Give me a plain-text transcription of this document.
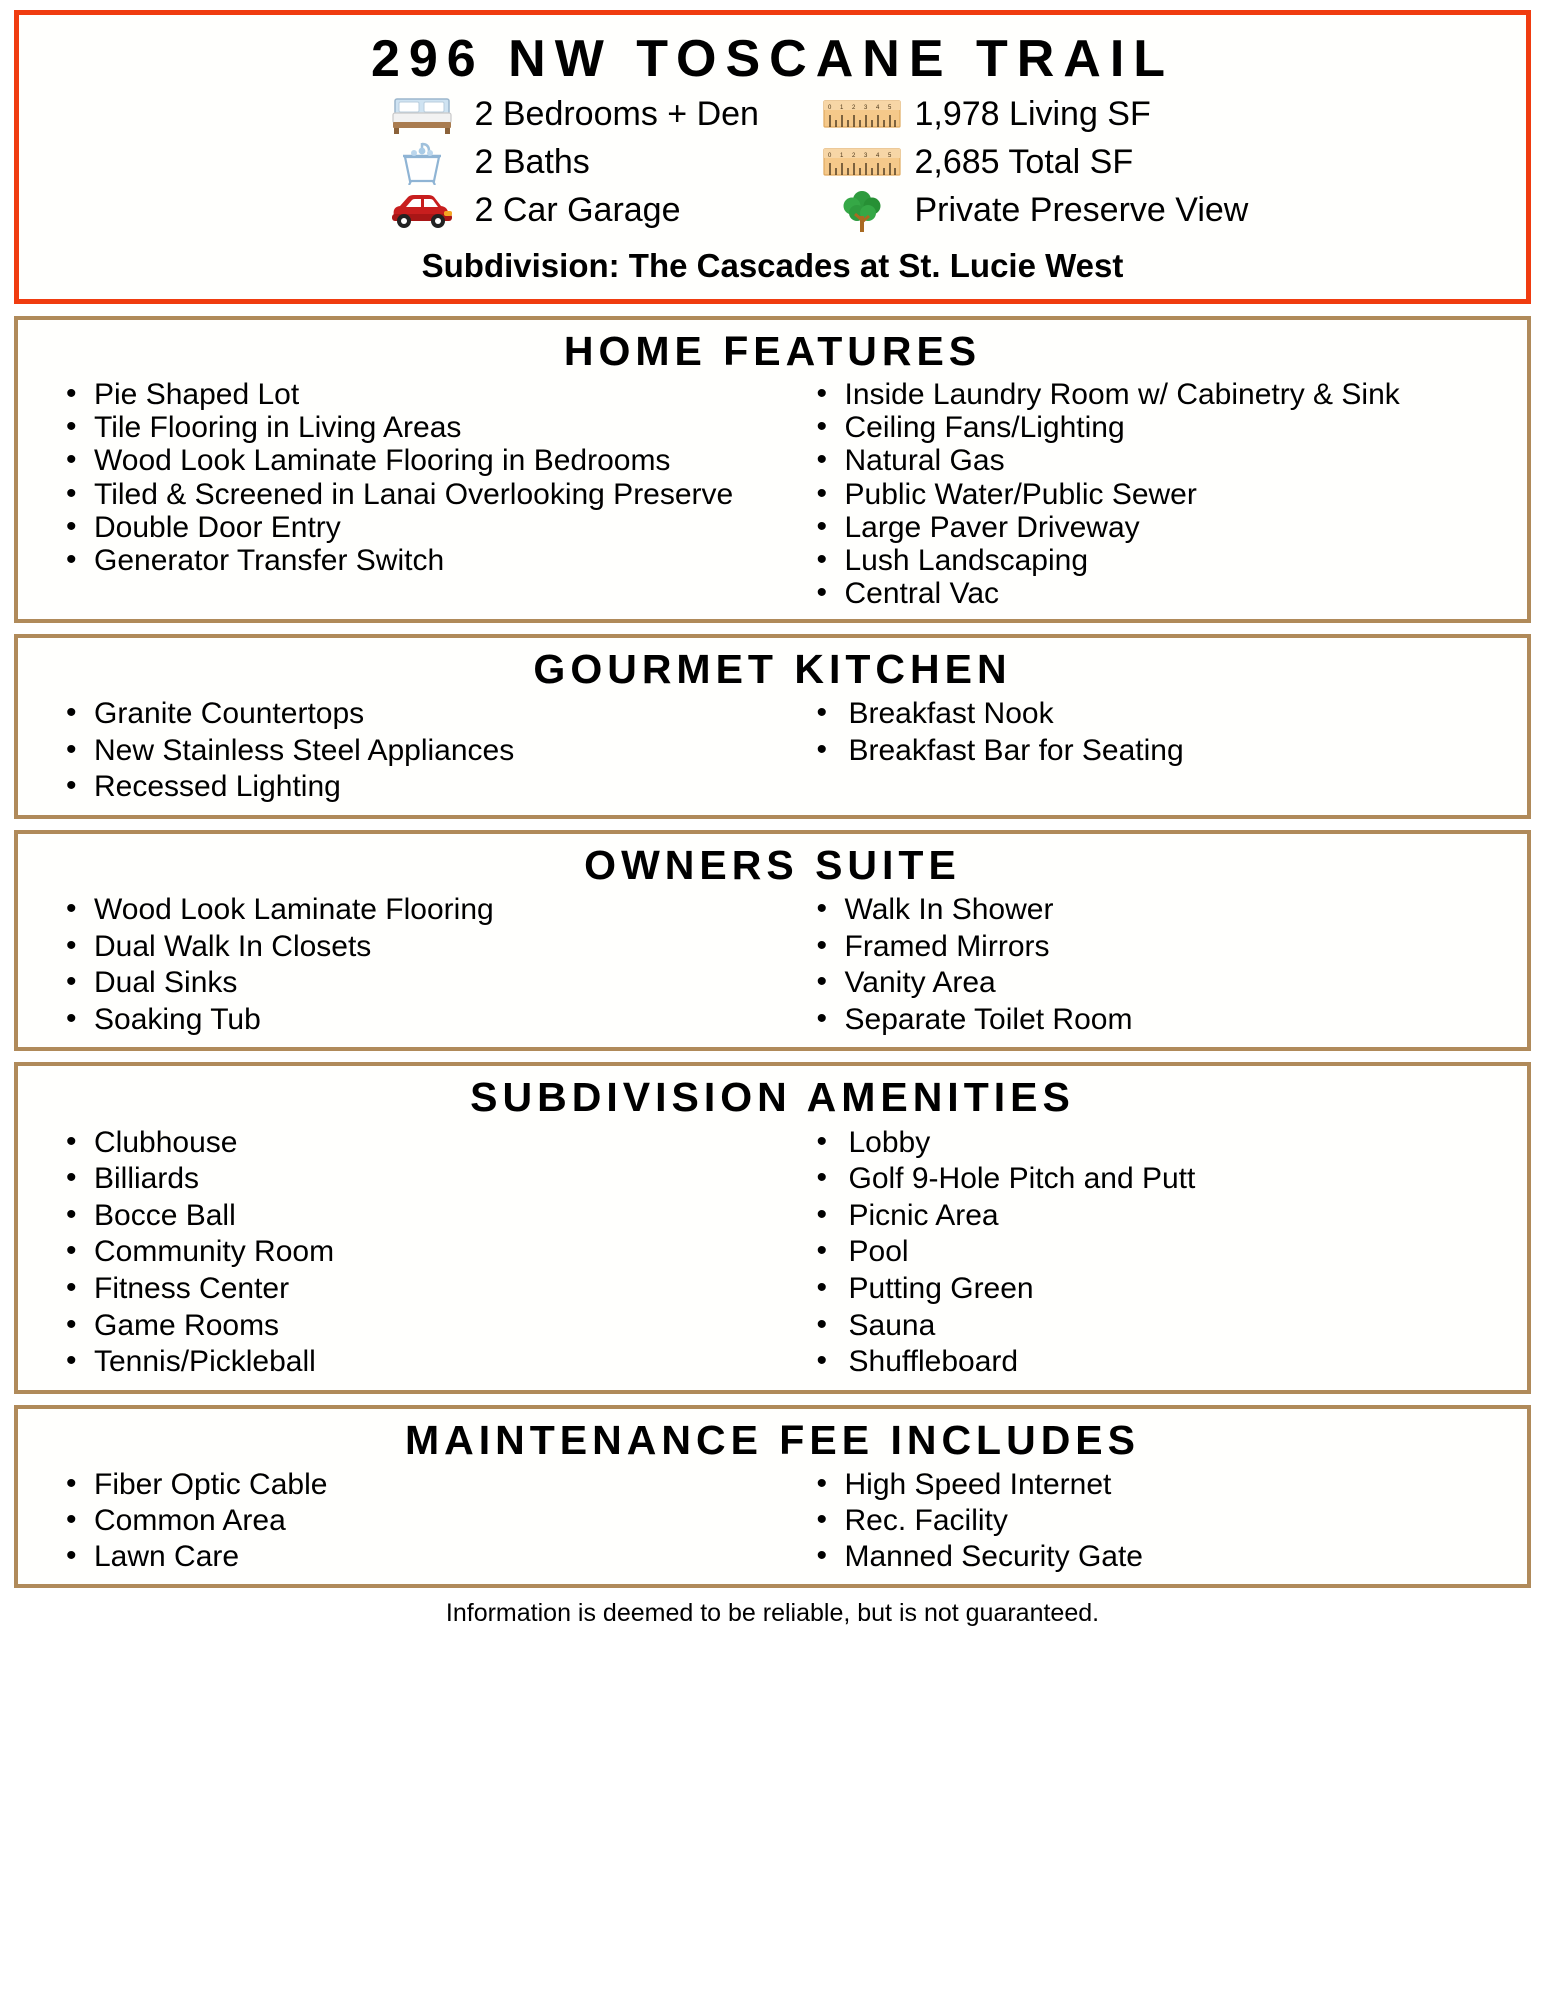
296 NW TOSCANE TRAIL
2 Bedrooms + Den
2 Baths
2 Car Garage
0 1 2 3 4 5 1,978 Living SF
0 1 2 3 4 5 2,685 Total SF
Private Preserve View
Subdivision: The Cascades at St. Lucie West
HOME FEATURES
• Pie Shaped Lot
• Tile Flooring in Living Areas
• Wood Look Laminate Flooring in Bedrooms
• Tiled & Screened in Lanai Overlooking Preserve
• Double Door Entry
• Generator Transfer Switch
• Inside Laundry Room w/ Cabinetry & Sink
• Ceiling Fans/Lighting
• Natural Gas
• Public Water/Public Sewer
• Large Paver Driveway
• Lush Landscaping
• Central Vac
GOURMET KITCHEN
• Granite Countertops
• New Stainless Steel Appliances
• Recessed Lighting
• Breakfast Nook
• Breakfast Bar for Seating
OWNERS SUITE
• Wood Look Laminate Flooring
• Dual Walk In Closets
• Dual Sinks
• Soaking Tub
• Walk In Shower
• Framed Mirrors
• Vanity Area
• Separate Toilet Room
SUBDIVISION AMENITIES
• Clubhouse
• Billiards
• Bocce Ball
• Community Room
• Fitness Center
• Game Rooms
• Tennis/Pickleball
• Lobby
• Golf 9-Hole Pitch and Putt
• Picnic Area
• Pool
• Putting Green
• Sauna
• Shuffleboard
MAINTENANCE FEE INCLUDES
• Fiber Optic Cable
• Common Area
• Lawn Care
• High Speed Internet
• Rec. Facility
• Manned Security Gate
Information is deemed to be reliable, but is not guaranteed.
